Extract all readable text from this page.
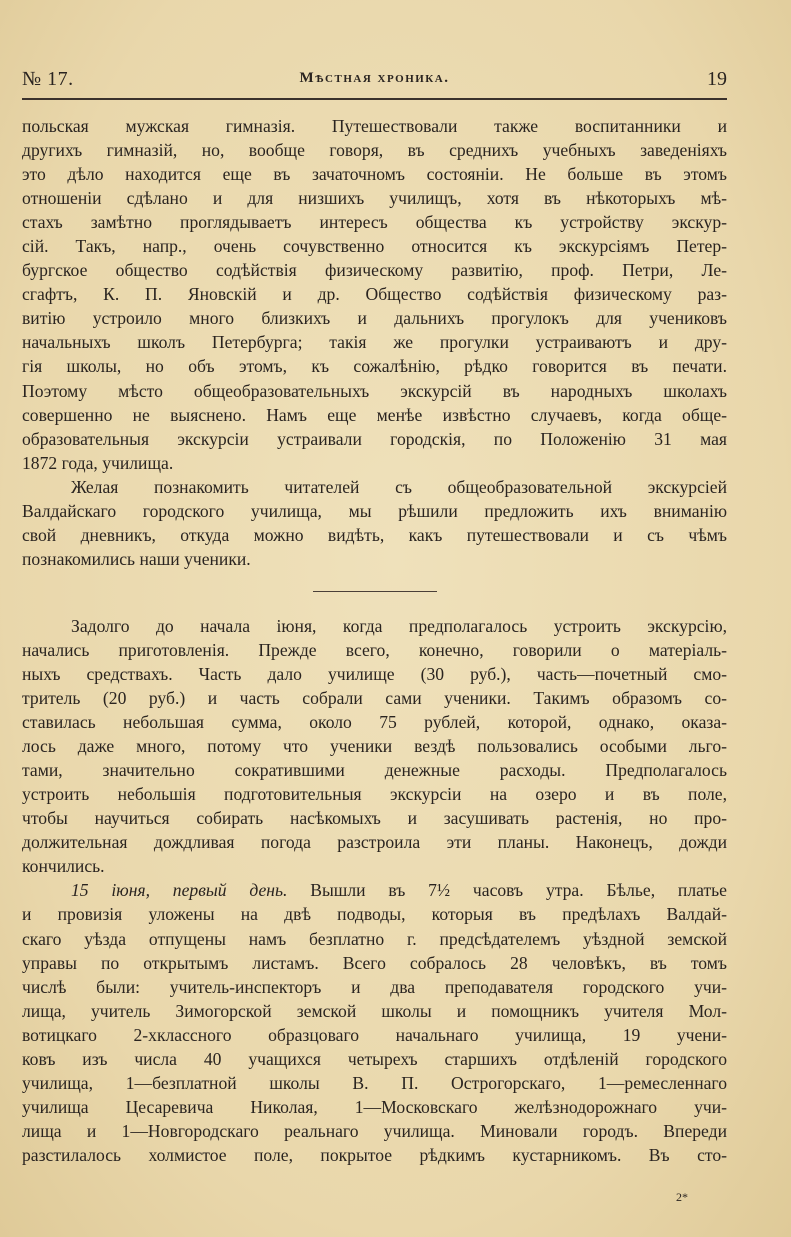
№ 17.	Мѣстная хроника.	19
польская мужская гимназія. Путешествовали также воспитанники и
другихъ гимназій, но, вообще говоря, въ среднихъ учебныхъ заведеніяхъ
это дѣло находится еще въ зачаточномъ состояніи. Не больше въ этомъ
отношеніи сдѣлано и для низшихъ училищъ, хотя въ нѣкоторыхъ мѣ-
стахъ замѣтно проглядываетъ интересъ общества къ устройству экскур-
сій. Такъ, напр., очень сочувственно относится къ экскурсіямъ Петер-
бургское общество содѣйствія физическому развитію, проф. Петри, Ле-
сгафтъ, К. П. Яновскій и др. Общество содѣйствія физическому раз-
витію устроило много близкихъ и дальнихъ прогулокъ для учениковъ
начальныхъ школъ Петербурга; такія же прогулки устраиваютъ и дру-
гія школы, но объ этомъ, къ сожалѣнію, рѣдко говорится въ печати.
Поэтому мѣсто общеобразовательныхъ экскурсій въ народныхъ школахъ
совершенно не выяснено. Намъ еще менѣе извѣстно случаевъ, когда обще-
образовательныя экскурсіи устраивали городскія, по Положенію 31 мая
1872 года, училища.
Желая познакомить читателей съ общеобразовательной экскурсіей
Валдайскаго городского училища, мы рѣшили предложить ихъ вниманію
свой дневникъ, откуда можно видѣть, какъ путешествовали и съ чѣмъ
познакомились наши ученики.
Задолго до начала іюня, когда предполагалось устроить экскурсію,
начались приготовленія. Прежде всего, конечно, говорили о матеріаль-
ныхъ средствахъ. Часть дало училище (30 руб.), часть—почетный смо-
тритель (20 руб.) и часть собрали сами ученики. Такимъ образомъ со-
ставилась небольшая сумма, около 75 рублей, которой, однако, оказа-
лось даже много, потому что ученики вездѣ пользовались особыми льго-
тами, значительно сократившими денежные расходы. Предполагалось
устроить небольшія подготовительныя экскурсіи на озеро и въ поле,
чтобы научиться собирать насѣкомыхъ и засушивать растенія, но про-
должительная дождливая погода разстроила эти планы. Наконецъ, дожди
кончились.
15 іюня, первый день. Вышли въ 7½ часовъ утра. Бѣлье, платье
и провизія уложены на двѣ подводы, которыя въ предѣлахъ Валдай-
скаго уѣзда отпущены намъ безплатно г. предсѣдателемъ уѣздной земской
управы по открытымъ листамъ. Всего собралось 28 человѣкъ, въ томъ
числѣ были: учитель-инспекторъ и два преподавателя городского учи-
лища, учитель Зимогорской земской школы и помощникъ учителя Мол-
вотицкаго 2-хклассного образцоваго начальнаго училища, 19 учени-
ковъ изъ числа 40 учащихся четырехъ старшихъ отдѣленій городского
училища, 1—безплатной школы В. П. Острогорскаго, 1—ремесленнаго
училища Цесаревича Николая, 1—Московскаго желѣзнодорожнаго учи-
лища и 1—Новгородскаго реальнаго училища. Миновали городъ. Впереди
разстилалось холмистое поле, покрытое рѣдкимъ кустарникомъ. Въ сто-
2*
